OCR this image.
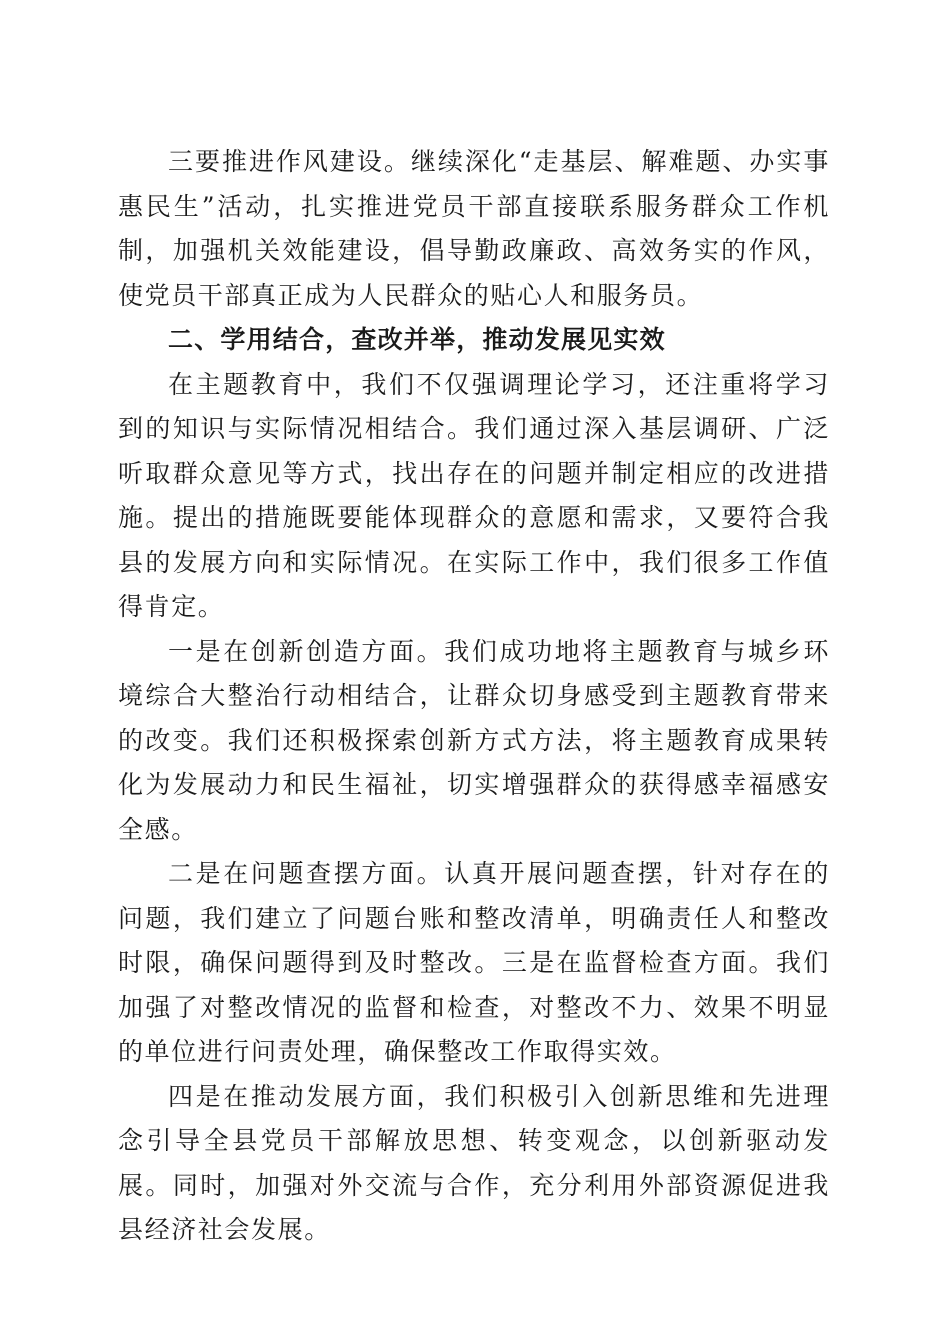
三要推进作风建设。继续深化“走基层、解难题、办实事惠民生”活动，扎实推进党员干部直接联系服务群众工作机制，加强机关效能建设，倡导勤政廉政、高效务实的作风，使党员干部真正成为人民群众的贴心人和服务员。

二、学用结合，查改并举，推动发展见实效

在主题教育中，我们不仅强调理论学习，还注重将学习到的知识与实际情况相结合。我们通过深入基层调研、广泛听取群众意见等方式，找出存在的问题并制定相应的改进措施。提出的措施既要能体现群众的意愿和需求，又要符合我县的发展方向和实际情况。在实际工作中，我们很多工作值得肯定。

一是在创新创造方面。我们成功地将主题教育与城乡环境综合大整治行动相结合，让群众切身感受到主题教育带来的改变。我们还积极探索创新方式方法，将主题教育成果转化为发展动力和民生福祉，切实增强群众的获得感幸福感安全感。

二是在问题查摆方面。认真开展问题查摆，针对存在的问题，我们建立了问题台账和整改清单，明确责任人和整改时限，确保问题得到及时整改。三是在监督检查方面。我们加强了对整改情况的监督和检查，对整改不力、效果不明显的单位进行问责处理，确保整改工作取得实效。

四是在推动发展方面，我们积极引入创新思维和先进理念引导全县党员干部解放思想、转变观念，以创新驱动发展。同时，加强对外交流与合作，充分利用外部资源促进我县经济社会发展。
